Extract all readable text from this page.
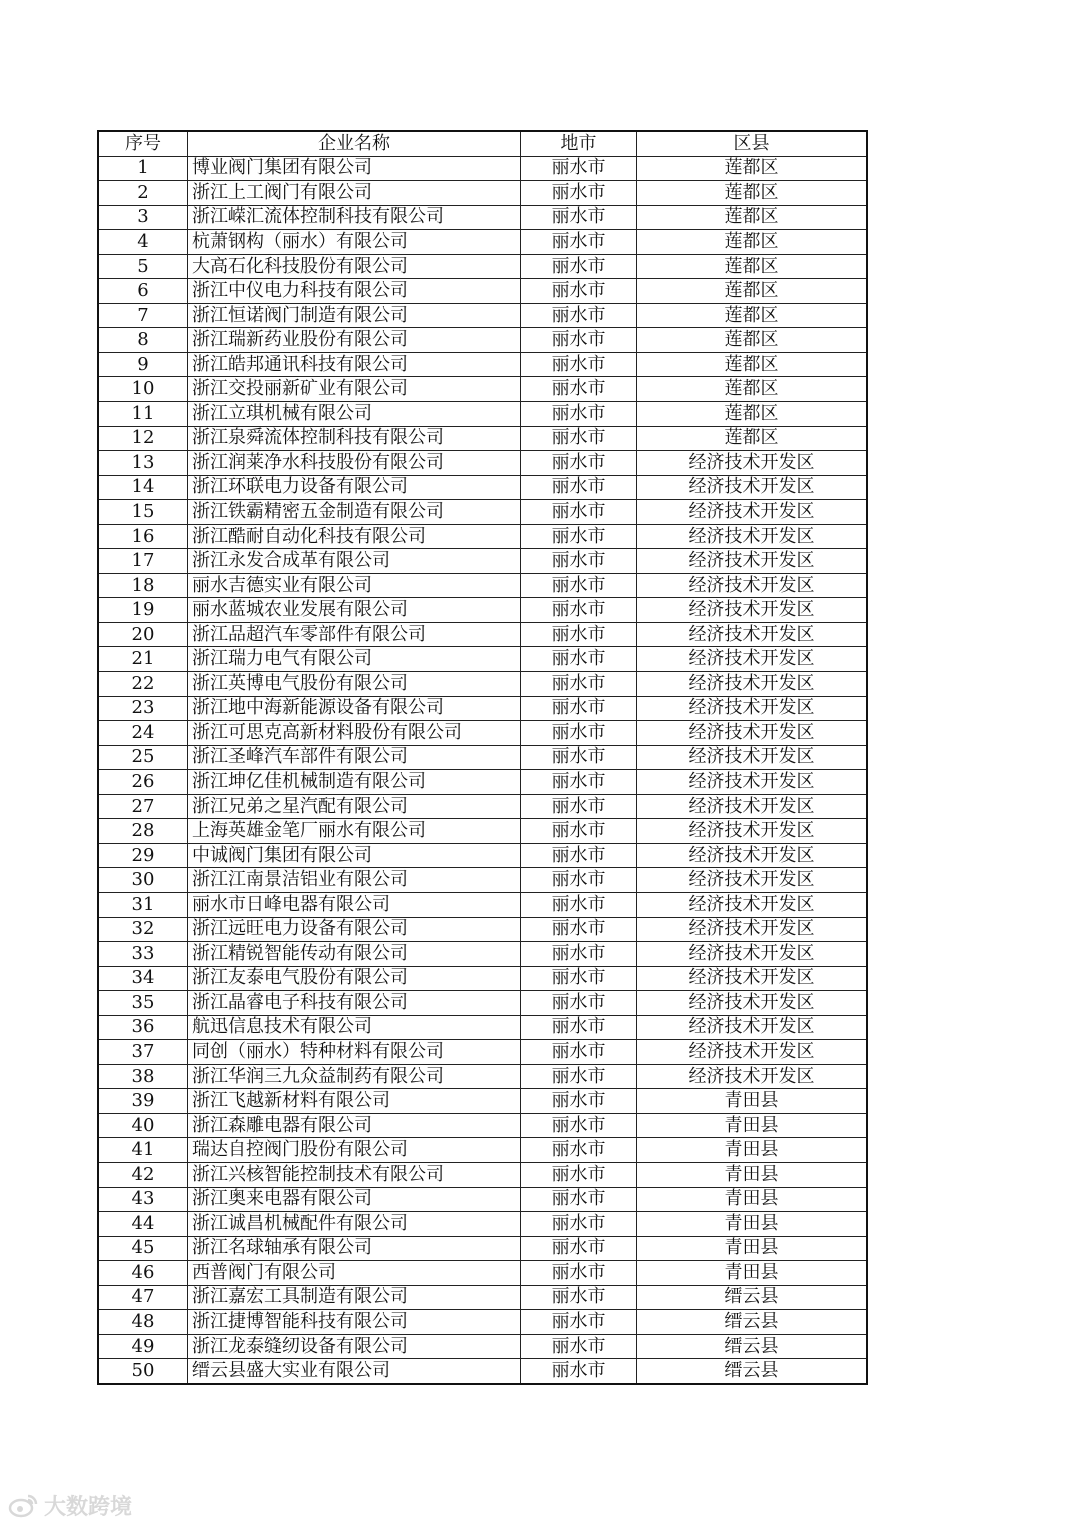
序号	企业名称	地市	区县
1	博业阀门集团有限公司	丽水市	莲都区
2	浙江上工阀门有限公司	丽水市	莲都区
3	浙江嵘汇流体控制科技有限公司	丽水市	莲都区
4	杭萧钢构（丽水）有限公司	丽水市	莲都区
5	大高石化科技股份有限公司	丽水市	莲都区
6	浙江中仪电力科技有限公司	丽水市	莲都区
7	浙江恒诺阀门制造有限公司	丽水市	莲都区
8	浙江瑞新药业股份有限公司	丽水市	莲都区
9	浙江皓邦通讯科技有限公司	丽水市	莲都区
10	浙江交投丽新矿业有限公司	丽水市	莲都区
11	浙江立琪机械有限公司	丽水市	莲都区
12	浙江泉舜流体控制科技有限公司	丽水市	莲都区
13	浙江润莱净水科技股份有限公司	丽水市	经济技术开发区
14	浙江环联电力设备有限公司	丽水市	经济技术开发区
15	浙江铁霸精密五金制造有限公司	丽水市	经济技术开发区
16	浙江酷耐自动化科技有限公司	丽水市	经济技术开发区
17	浙江永发合成革有限公司	丽水市	经济技术开发区
18	丽水吉德实业有限公司	丽水市	经济技术开发区
19	丽水蓝城农业发展有限公司	丽水市	经济技术开发区
20	浙江品超汽车零部件有限公司	丽水市	经济技术开发区
21	浙江瑞力电气有限公司	丽水市	经济技术开发区
22	浙江英博电气股份有限公司	丽水市	经济技术开发区
23	浙江地中海新能源设备有限公司	丽水市	经济技术开发区
24	浙江可思克高新材料股份有限公司	丽水市	经济技术开发区
25	浙江圣峰汽车部件有限公司	丽水市	经济技术开发区
26	浙江坤亿佳机械制造有限公司	丽水市	经济技术开发区
27	浙江兄弟之星汽配有限公司	丽水市	经济技术开发区
28	上海英雄金笔厂丽水有限公司	丽水市	经济技术开发区
29	中诚阀门集团有限公司	丽水市	经济技术开发区
30	浙江江南景洁铝业有限公司	丽水市	经济技术开发区
31	丽水市日峰电器有限公司	丽水市	经济技术开发区
32	浙江远旺电力设备有限公司	丽水市	经济技术开发区
33	浙江精锐智能传动有限公司	丽水市	经济技术开发区
34	浙江友泰电气股份有限公司	丽水市	经济技术开发区
35	浙江晶睿电子科技有限公司	丽水市	经济技术开发区
36	航迅信息技术有限公司	丽水市	经济技术开发区
37	同创（丽水）特种材料有限公司	丽水市	经济技术开发区
38	浙江华润三九众益制药有限公司	丽水市	经济技术开发区
39	浙江飞越新材料有限公司	丽水市	青田县
40	浙江森雕电器有限公司	丽水市	青田县
41	瑞达自控阀门股份有限公司	丽水市	青田县
42	浙江兴核智能控制技术有限公司	丽水市	青田县
43	浙江奥来电器有限公司	丽水市	青田县
44	浙江诚昌机械配件有限公司	丽水市	青田县
45	浙江名球轴承有限公司	丽水市	青田县
46	西普阀门有限公司	丽水市	青田县
47	浙江嘉宏工具制造有限公司	丽水市	缙云县
48	浙江捷博智能科技有限公司	丽水市	缙云县
49	浙江龙泰缝纫设备有限公司	丽水市	缙云县
50	缙云县盛大实业有限公司	丽水市	缙云县
大数跨境
